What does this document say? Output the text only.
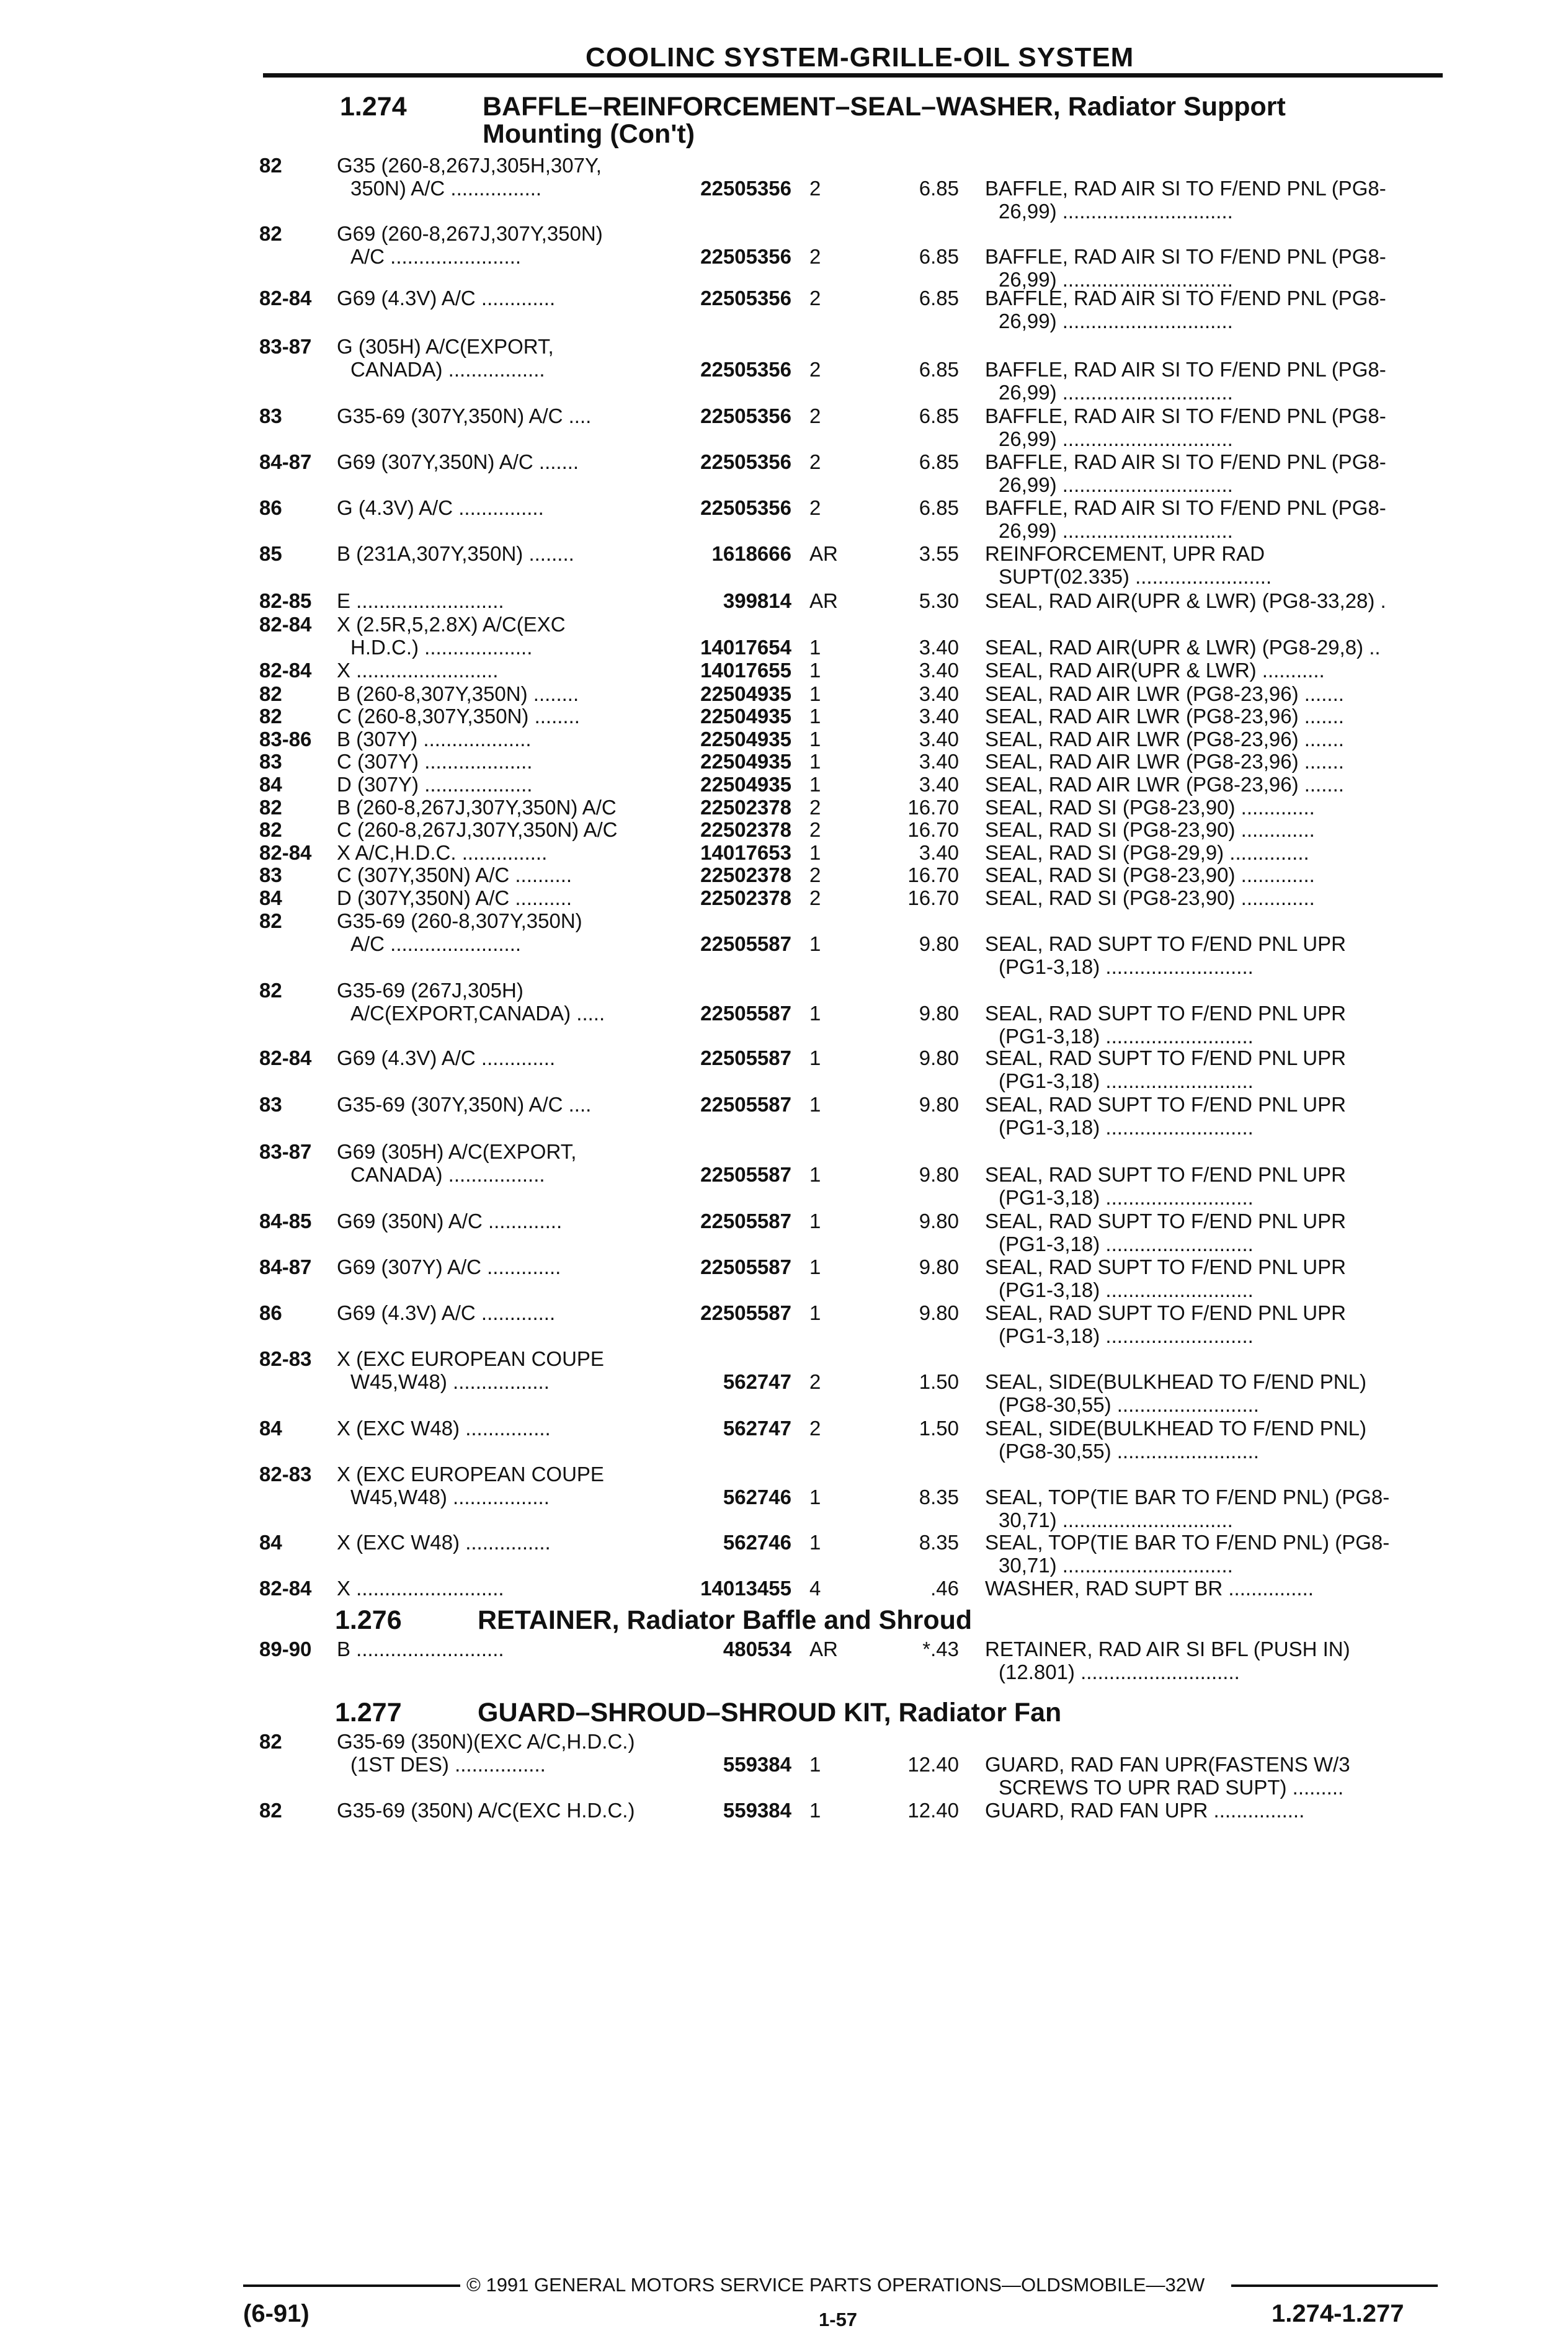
COOLINC SYSTEM-GRILLE-OIL SYSTEM
1.274	BAFFLE–REINFORCEMENT–SEAL–WASHER, Radiator Support
Mounting (Con't)
1.276	RETAINER, Radiator Baffle and Shroud
1.277	GUARD–SHROUD–SHROUD KIT, Radiator Fan
82	G35 (260-8,267J,305H,307Y,
350N) A/C ................	22505356 2	6.85 BAFFLE, RAD AIR SI TO F/END PNL (PG8-
26,99) ..............................
82	G69 (260-8,267J,307Y,350N)
A/C .......................	22505356 2	6.85 BAFFLE, RAD AIR SI TO F/END PNL (PG8-
26,99) ..............................
82-84 G69 (4.3V) A/C .............	22505356 2	6.85 BAFFLE, RAD AIR SI TO F/END PNL (PG8-
26,99) ..............................
83-87 G (305H) A/C(EXPORT,
CANADA) .................	22505356 2	6.85 BAFFLE, RAD AIR SI TO F/END PNL (PG8-
26,99) ..............................
83	G35-69 (307Y,350N) A/C ....	22505356 2	6.85 BAFFLE, RAD AIR SI TO F/END PNL (PG8-
26,99) ..............................
84-87 G69 (307Y,350N) A/C .......	22505356 2	6.85 BAFFLE, RAD AIR SI TO F/END PNL (PG8-
26,99) ..............................
86	G (4.3V) A/C ...............	22505356 2	6.85 BAFFLE, RAD AIR SI TO F/END PNL (PG8-
26,99) ..............................
85	B (231A,307Y,350N) ........	1618666 AR	3.55 REINFORCEMENT, UPR RAD
SUPT(02.335) ........................
82-85 E ..........................	399814 AR	5.30 SEAL, RAD AIR(UPR & LWR) (PG8-33,28) .
82-84 X (2.5R,5,2.8X) A/C(EXC
H.D.C.) ...................	14017654 1	3.40 SEAL, RAD AIR(UPR & LWR) (PG8-29,8) ..
82-84 X .........................	14017655 1	3.40 SEAL, RAD AIR(UPR & LWR) ...........
82	B (260-8,307Y,350N) ........	22504935 1	3.40 SEAL, RAD AIR LWR (PG8-23,96) .......
82	C (260-8,307Y,350N) ........	22504935 1	3.40 SEAL, RAD AIR LWR (PG8-23,96) .......
83-86 B (307Y) ...................	22504935 1	3.40 SEAL, RAD AIR LWR (PG8-23,96) .......
83	C (307Y) ...................	22504935 1	3.40 SEAL, RAD AIR LWR (PG8-23,96) .......
84	D (307Y) ...................	22504935 1	3.40 SEAL, RAD AIR LWR (PG8-23,96) .......
82	B (260-8,267J,307Y,350N) A/C	22502378 2	16.70 SEAL, RAD SI (PG8-23,90) .............
82	C (260-8,267J,307Y,350N) A/C	22502378 2	16.70 SEAL, RAD SI (PG8-23,90) .............
82-84 X A/C,H.D.C. ...............	14017653 1	3.40 SEAL, RAD SI (PG8-29,9) ..............
83	C (307Y,350N) A/C ..........	22502378 2	16.70 SEAL, RAD SI (PG8-23,90) .............
84	D (307Y,350N) A/C ..........	22502378 2	16.70 SEAL, RAD SI (PG8-23,90) .............
82	G35-69 (260-8,307Y,350N)
A/C .......................	22505587 1	9.80 SEAL, RAD SUPT TO F/END PNL UPR
(PG1-3,18) ..........................
82	G35-69 (267J,305H)
A/C(EXPORT,CANADA) .....	22505587 1	9.80 SEAL, RAD SUPT TO F/END PNL UPR
(PG1-3,18) ..........................
82-84 G69 (4.3V) A/C .............	22505587 1	9.80 SEAL, RAD SUPT TO F/END PNL UPR
(PG1-3,18) ..........................
83	G35-69 (307Y,350N) A/C ....	22505587 1	9.80 SEAL, RAD SUPT TO F/END PNL UPR
(PG1-3,18) ..........................
83-87 G69 (305H) A/C(EXPORT,
CANADA) .................	22505587 1	9.80 SEAL, RAD SUPT TO F/END PNL UPR
(PG1-3,18) ..........................
84-85 G69 (350N) A/C .............	22505587 1	9.80 SEAL, RAD SUPT TO F/END PNL UPR
(PG1-3,18) ..........................
84-87 G69 (307Y) A/C .............	22505587 1	9.80 SEAL, RAD SUPT TO F/END PNL UPR
(PG1-3,18) ..........................
86	G69 (4.3V) A/C .............	22505587 1	9.80 SEAL, RAD SUPT TO F/END PNL UPR
(PG1-3,18) ..........................
82-83 X (EXC EUROPEAN COUPE
W45,W48) .................	562747 2	1.50 SEAL, SIDE(BULKHEAD TO F/END PNL)
(PG8-30,55) .........................
84	X (EXC W48) ...............	562747 2	1.50 SEAL, SIDE(BULKHEAD TO F/END PNL)
(PG8-30,55) .........................
82-83 X (EXC EUROPEAN COUPE
W45,W48) .................	562746 1	8.35 SEAL, TOP(TIE BAR TO F/END PNL) (PG8-
30,71) ..............................
84	X (EXC W48) ...............	562746 1	8.35 SEAL, TOP(TIE BAR TO F/END PNL) (PG8-
30,71) ..............................
82-84 X ..........................	14013455 4	.46 WASHER, RAD SUPT BR ...............
89-90 B ..........................	480534 AR	*.43 RETAINER, RAD AIR SI BFL (PUSH IN)
(12.801) ............................
82	G35-69 (350N)(EXC A/C,H.D.C.)
(1ST DES) ................	559384 1	12.40 GUARD, RAD FAN UPR(FASTENS W/3
SCREWS TO UPR RAD SUPT) .........
82	G35-69 (350N) A/C(EXC H.D.C.)	559384 1	12.40 GUARD, RAD FAN UPR ................
© 1991 GENERAL MOTORS SERVICE PARTS OPERATIONS—OLDSMOBILE—32W
(6-91)	1-57	1.274-1.277
